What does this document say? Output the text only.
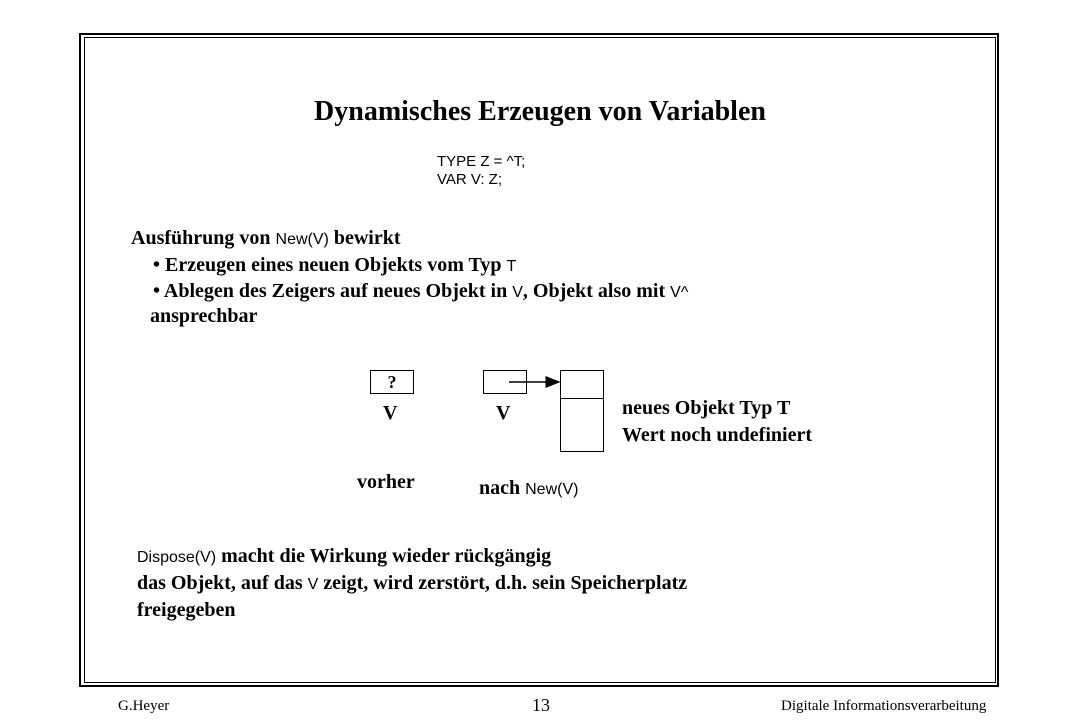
Dynamisches Erzeugen von Variablen
TYPE Z = ^T;
VAR V: Z;
Ausführung von New(V) bewirkt
• Erzeugen eines neuen Objekts vom Typ T
• Ablegen des Zeigers auf neues Objekt in V, Objekt also mit V^
ansprechbar
?
V	V	neues Objekt Typ T
Wert noch undefiniert
vorher	nach New(V)
Dispose(V) macht die Wirkung wieder rückgängig
das Objekt, auf das V zeigt, wird zerstört, d.h. sein Speicherplatz
freigegeben
G.Heyer	13	Digitale Informationsverarbeitung
